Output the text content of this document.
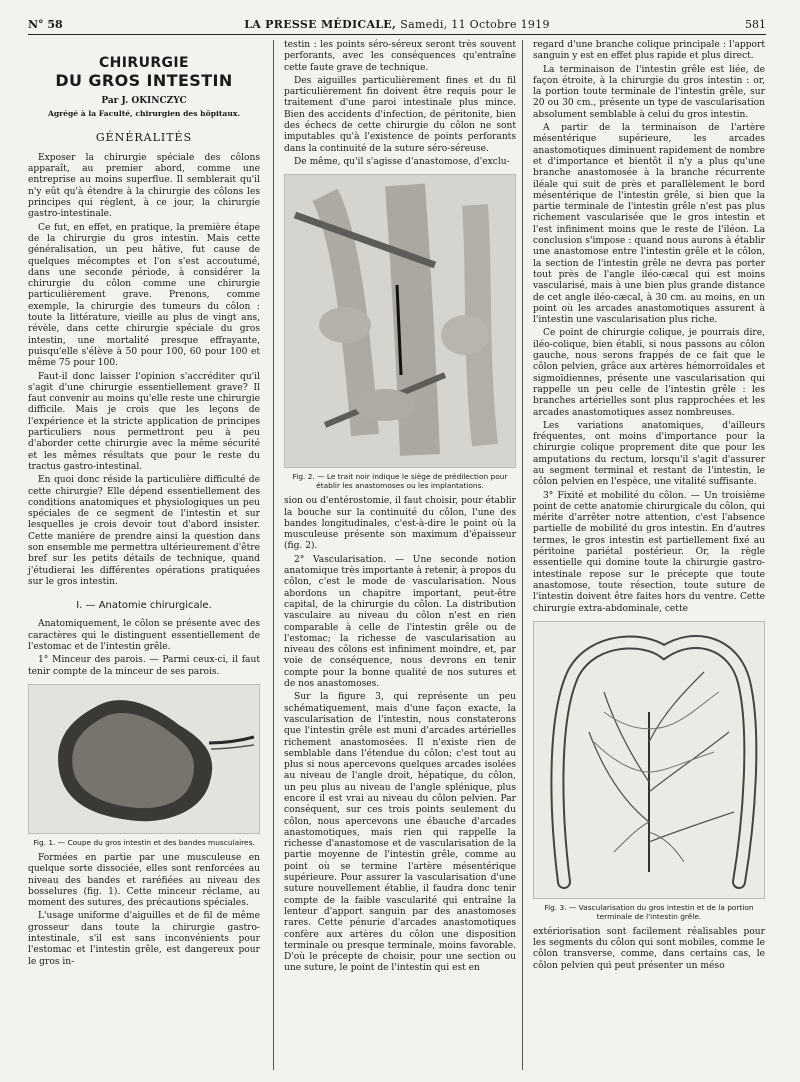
N° 58	LA PRESSE MÉDICALE, Samedi, 11 Octobre 1919	581
CHIRURGIE
DU GROS INTESTIN
Par J. OKINCZYC
Agrégé à la Faculté, chirurgien des hôpitaux.
GÉNÉRALITÉS

Exposer la chirurgie spéciale des côlons apparaît, au premier abord, comme une entreprise au moins superflue. Il semblerait qu'il n'y eût qu'à étendre à la chirurgie des côlons les principes qui règlent, à ce jour, la chirurgie gastro-intestinale.

Ce fut, en effet, en pratique, la première étape de la chirurgie du gros intestin. Mais cette généralisation, un peu hâtive, fut cause de quelques mécomptes et l'on s'est accoutumé, dans une seconde période, à considérer la chirurgie du côlon comme une chirurgie particulièrement grave. Prenons, comme exemple, la chirurgie des tumeurs du côlon : toute la littérature, vieille au plus de vingt ans, révèle, dans cette chirurgie spéciale du gros intestin, une mortalité presque effrayante, puisqu'elle s'élève à 50 pour 100, 60 pour 100 et même 75 pour 100.

Faut-il donc laisser l'opinion s'accréditer qu'il s'agit d'une chirurgie essentiellement grave? Il faut convenir au moins qu'elle reste une chirurgie difficile. Mais je crois que les leçons de l'expérience et la stricte application de principes particuliers nous permettront peu à peu d'aborder cette chirurgie avec la même sécurité et les mêmes résultats que pour le reste du tractus gastro-intestinal.

En quoi donc réside la particulière difficulté de cette chirurgie? Elle dépend essentiellement des conditions anatomiques et physiologiques un peu spéciales de ce segment de l'intestin et sur lesquelles je crois devoir tout d'abord insister. Cette manière de prendre ainsi la question dans son ensemble me permettra ultérieurement d'être bref sur les petits détails de technique, quand j'étudierai les différentes opérations pratiquées sur le gros intestin.

I. — Anatomie chirurgicale.

Anatomiquement, le côlon se présente avec des caractères qui le distinguent essentiellement de l'estomac et de l'intestin grêle.

1° Minceur des parois. — Parmi ceux-ci, il faut tenir compte de la minceur de ses parois.

Fig. 1. — Coupe du gros intestin et des bandes musculaires.

Formées en partie par une musculeuse en quelque sorte dissociée, elles sont renforcées au niveau des bandes et raréfiées au niveau des bosselures (fig. 1). Cette minceur réclame, au moment des sutures, des précautions spéciales.

L'usage uniforme d'aiguilles et de fil de même grosseur dans toute la chirurgie gastro-intestinale, s'il est sans inconvénients pour l'estomac et l'intestin grêle, est dangereux pour le gros in-

testin : les points séro-séreux seront très souvent perforants, avec les conséquences qu'entraîne cette faute grave de technique.

Des aiguilles particulièrement fines et du fil particulièrement fin doivent être requis pour le traitement d'une paroi intestinale plus mince. Bien des accidents d'infection, de péritonite, bien des échecs de cette chirurgie du côlon ne sont imputables qu'à l'existence de points perforants dans la continuité de la suture séro-séreuse.

De même, qu'il s'agisse d'anastomose, d'exclu-

Fig. 2. — Le trait noir indique le siège de prédilection pour établir les anastomoses ou les implantations.

sion ou d'entérostomie, il faut choisir, pour établir la bouche sur la continuité du côlon, l'une des bandes longitudinales, c'est-à-dire le point où la musculeuse présente son maximum d'épaisseur (fig. 2).

2° Vascularisation. — Une seconde notion anatomique très importante à retenir, à propos du côlon, c'est le mode de vascularisation. Nous abordons un chapitre important, peut-être capital, de la chirurgie du côlon. La distribution vasculaire au niveau du côlon n'est en rien comparable à celle de l'intestin grêle ou de l'estomac; la richesse de vascularisation au niveau des côlons est infiniment moindre, et, par voie de conséquence, nous devrons en tenir compte pour la bonne qualité de nos sutures et de nos anastomoses.

Sur la figure 3, qui représente un peu schématiquement, mais d'une façon exacte, la vascularisation de l'intestin, nous constaterons que l'intestin grêle est muni d'arcades artérielles richement anastomosées. Il n'existe rien de semblable dans l'étendue du côlon; c'est tout au plus si nous apercevons quelques arcades isolées au niveau de l'angle droit, hépatique, du côlon, un peu plus au niveau de l'angle splénique, plus encore il est vrai au niveau du côlon pelvien. Par conséquent, sur ces trois points seulement du côlon, nous apercevons une ébauche d'arcades anastomotiques, mais rien qui rappelle la richesse d'anastomose et de vascularisation de la partie moyenne de l'intestin grêle, comme au point où se termine l'artère mésentérique supérieure. Pour assurer la vascularisation d'une suture nouvellement établie, il faudra donc tenir compte de la faible vascularité qui entraîne la lenteur d'apport sanguin par des anastomoses rares. Cette pénurie d'arcades anastomotiques confère aux artères du côlon une disposition terminale ou presque terminale, moins favorable. D'où le précepte de choisir, pour une section ou une suture, le point de l'intestin qui est en

regard d'une branche colique principale : l'apport sanguin y est en effet plus rapide et plus direct.

La terminaison de l'intestin grêle est liée, de façon étroite, à la chirurgie du gros intestin : or, la portion toute terminale de l'intestin grêle, sur 20 ou 30 cm., présente un type de vascularisation absolument semblable à celui du gros intestin.

A partir de la terminaison de l'artère mésentérique supérieure, les arcades anastomotiques diminuent rapidement de nombre et d'importance et bientôt il n'y a plus qu'une branche anastomosée à la branche récurrente iléale qui suit de près et parallèlement le bord mésentérique de l'intestin grêle, si bien que la partie terminale de l'intestin grêle n'est pas plus richement vascularisée que le gros intestin et l'est infiniment moins que le reste de l'iléon. La conclusion s'impose : quand nous aurons à établir une anastomose entre l'intestin grêle et le côlon, la section de l'intestin grêle ne devra pas porter tout près de l'angle iléo-cæcal qui est moins vascularisé, mais à une bien plus grande distance de cet angle iléo-cæcal, à 30 cm. au moins, en un point où les arcades anastomotiques assurent à l'intestin une vascularisation plus riche.

Ce point de chirurgie colique, je pourrais dire, iléo-colique, bien établi, si nous passons au côlon gauche, nous serons frappés de ce fait que le côlon pelvien, grâce aux artères hémorroïdales et sigmoïdiennes, présente une vascularisation qui rappelle un peu celle de l'intestin grêle : les branches artérielles sont plus rapprochées et les arcades anastomotiques assez nombreuses.

Les variations anatomiques, d'ailleurs fréquentes, ont moins d'importance pour la chirurgie colique proprement dite que pour les amputations du rectum, lorsqu'il s'agit d'assurer au segment terminal et restant de l'intestin, le côlon pelvien en l'espèce, une vitalité suffisante.

3° Fixité et mobilité du côlon. — Un troisième point de cette anatomie chirurgicale du côlon, qui mérite d'arrêter notre attention, c'est l'absence partielle de mobilité du gros intestin. En d'autres termes, le gros intestin est partiellement fixé au péritoine pariétal postérieur. Or, la règle essentielle qui domine toute la chirurgie gastro-intestinale repose sur le précepte que toute anastomose, toute résection, toute suture de l'intestin doivent être faites hors du ventre. Cette chirurgie extra-abdominale, cette

Fig. 3. — Vascularisation du gros intestin et de la portion terminale de l'intestin grêle.

extériorisation sont facilement réalisables pour les segments du côlon qui sont mobiles, comme le côlon transverse, comme, dans certains cas, le côlon pelvien qui peut présenter un méso
